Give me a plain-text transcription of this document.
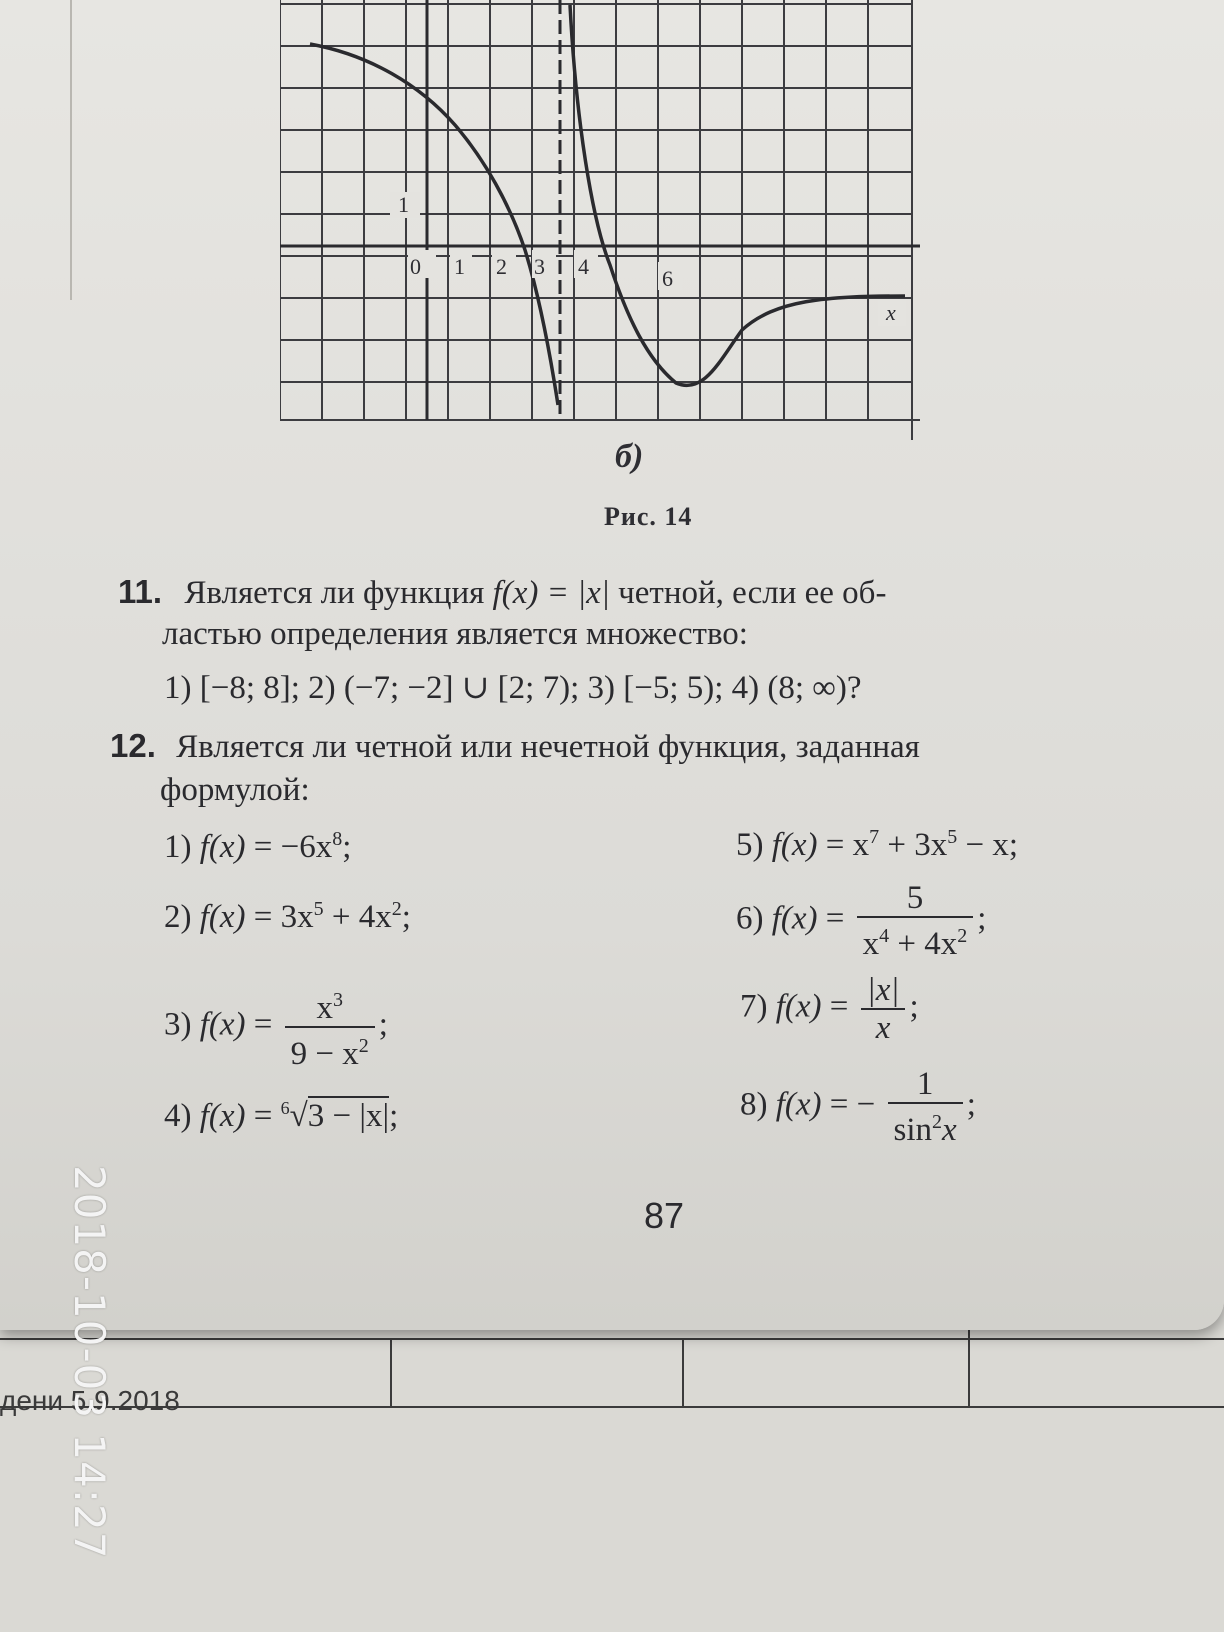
дени 5.9.2018
1
0 1 2 3 4	6
x
б)
Рис. 14
11. Является ли функция f(x) = |x| четной, если ее об-
ластью определения является множество:
1) [−8; 8]; 2) (−7; −2] ∪ [2; 7); 3) [−5; 5); 4) (8; ∞)?
12. Является ли четной или нечетной функция, заданная
формулой:
1) $f(x) = -6x^8$;
2) $f(x) = 3x^5 + 4x^2$;
3) $f(x) = \frac{x^3}{9 - x^2}$ ;
4) f(x) = $^6$√3 − |x|;
5) $f(x) = x^7 + 3x^5 - x$;
6) $f(x) = \frac{5}{x^4 + 4x^2}$ ;
7) $f(x) = \frac{|x|}{x}$ ;
8) f(x) = − $\frac{1}{\sin^2x}$ ;
87
2018-10-03 14:27
